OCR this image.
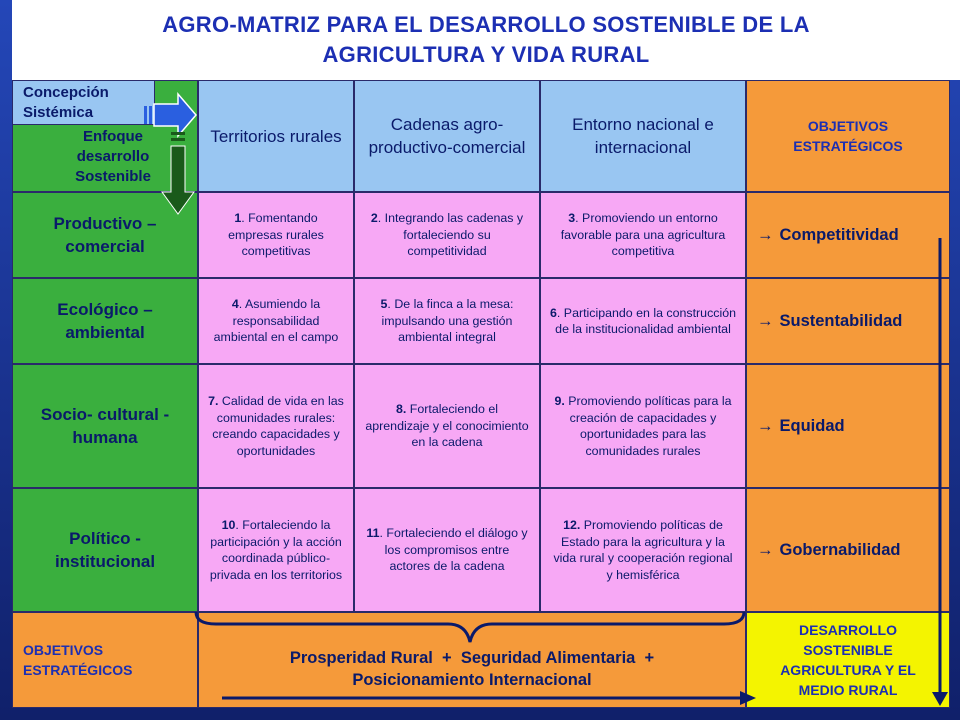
AGRO-MATRIZ PARA EL DESARROLLO SOSTENIBLE DE LA
AGRICULTURA Y VIDA RURAL
Concepción Sistémica
Enfoque
desarrollo
Sostenible
Territorios rurales
Cadenas agro-productivo-comercial
Entorno nacional e internacional
OBJETIVOS ESTRATÉGICOS
Productivo – comercial
1. Fomentando empresas rurales competitivas
2. Integrando las cadenas y fortaleciendo su competitividad
3. Promoviendo un entorno favorable para una agricultura competitiva
→ Competitividad
Ecológico – ambiental
4. Asumiendo la responsabilidad ambiental en el campo
5. De la finca a la mesa: impulsando una gestión ambiental integral
6. Participando en la construcción de la institucionalidad ambiental	→ Sustentabilidad
Socio- cultural - humana
7. Calidad de vida en las comunidades rurales: creando capacidades y oportunidades
8. Fortaleciendo el aprendizaje y el conocimiento en la cadena
9. Promoviendo políticas para la creación de capacidades y oportunidades para las comunidades rurales
→ Equidad
Político - institucional
10. Fortaleciendo la participación y la acción coordinada público-privada en los territorios
11. Fortaleciendo el diálogo y los compromisos entre actores de la cadena
12. Promoviendo políticas de Estado para la agricultura y la vida rural y cooperación regional y hemisférica
→ Gobernabilidad
OBJETIVOS ESTRATÉGICOS
Prosperidad Rural  +  Seguridad Alimentaria  +
Posicionamiento Internacional
DESARROLLO SOSTENIBLE AGRICULTURA Y EL MEDIO RURAL
